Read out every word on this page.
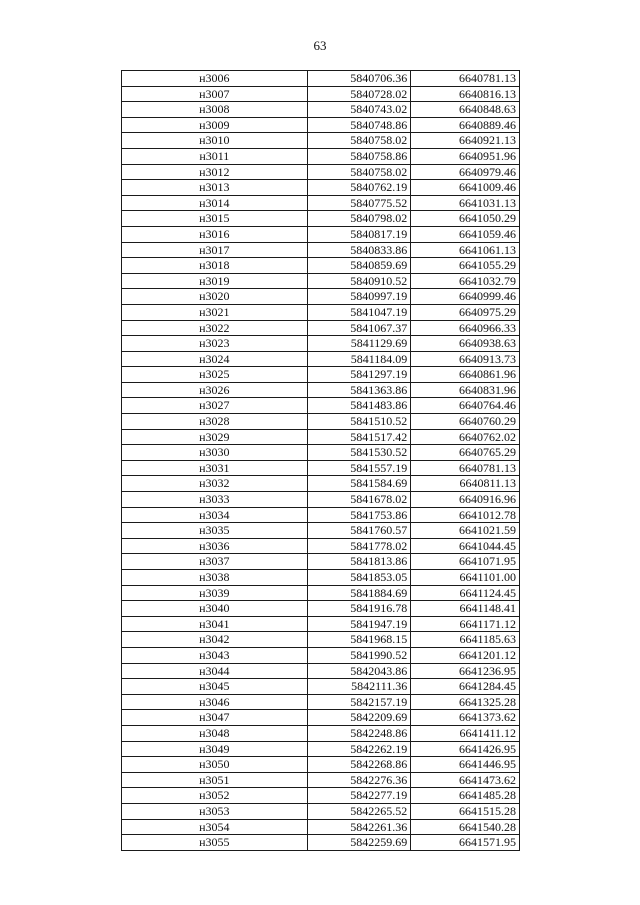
63
н3006	5840706.36	6640781.13
н3007	5840728.02	6640816.13
н3008	5840743.02	6640848.63
н3009	5840748.86	6640889.46
н3010	5840758.02	6640921.13
н3011	5840758.86	6640951.96
н3012	5840758.02	6640979.46
н3013	5840762.19	6641009.46
н3014	5840775.52	6641031.13
н3015	5840798.02	6641050.29
н3016	5840817.19	6641059.46
н3017	5840833.86	6641061.13
н3018	5840859.69	6641055.29
н3019	5840910.52	6641032.79
н3020	5840997.19	6640999.46
н3021	5841047.19	6640975.29
н3022	5841067.37	6640966.33
н3023	5841129.69	6640938.63
н3024	5841184.09	6640913.73
н3025	5841297.19	6640861.96
н3026	5841363.86	6640831.96
н3027	5841483.86	6640764.46
н3028	5841510.52	6640760.29
н3029	5841517.42	6640762.02
н3030	5841530.52	6640765.29
н3031	5841557.19	6640781.13
н3032	5841584.69	6640811.13
н3033	5841678.02	6640916.96
н3034	5841753.86	6641012.78
н3035	5841760.57	6641021.59
н3036	5841778.02	6641044.45
н3037	5841813.86	6641071.95
н3038	5841853.05	6641101.00
н3039	5841884.69	6641124.45
н3040	5841916.78	6641148.41
н3041	5841947.19	6641171.12
н3042	5841968.15	6641185.63
н3043	5841990.52	6641201.12
н3044	5842043.86	6641236.95
н3045	5842111.36	6641284.45
н3046	5842157.19	6641325.28
н3047	5842209.69	6641373.62
н3048	5842248.86	6641411.12
н3049	5842262.19	6641426.95
н3050	5842268.86	6641446.95
н3051	5842276.36	6641473.62
н3052	5842277.19	6641485.28
н3053	5842265.52	6641515.28
н3054	5842261.36	6641540.28
н3055	5842259.69	6641571.95
